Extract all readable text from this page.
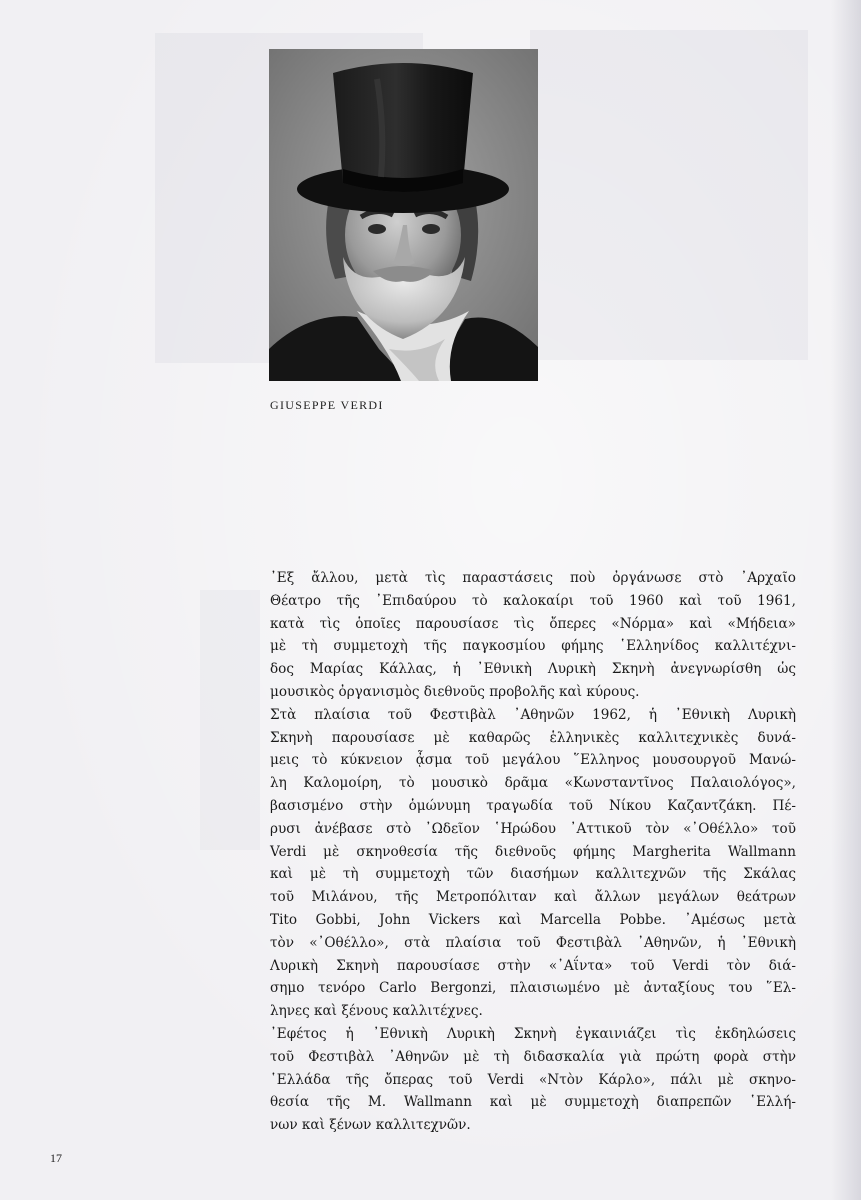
GIUSEPPE VERDI
᾿Εξ ἄλλου, μετὰ τὶς παραστάσεις ποὺ ὀργάνωσε στὸ ᾿Αρχαῖο
Θέατρο τῆς ᾿Επιδαύρου τὸ καλοκαίρι τοῦ 1960 καὶ τοῦ 1961,
κατὰ τὶς ὁποῖες παρουσίασε τὶς ὄπερες «Νόρμα» καὶ «Μήδεια»
μὲ τὴ συμμετοχὴ τῆς παγκοσμίου φήμης ῾Ελληνίδος καλλιτέχνι-
δος Μαρίας Κάλλας, ἡ ᾿Εθνικὴ Λυρικὴ Σκηνὴ ἀνεγνωρίσθη ὡς
μουσικὸς ὀργανισμὸς διεθνοῦς προβολῆς καὶ κύρους.
Στὰ πλαίσια τοῦ Φεστιβὰλ ᾿Αθηνῶν 1962, ἡ ᾿Εθνικὴ Λυρικὴ
Σκηνὴ παρουσίασε μὲ καθαρῶς ἑλληνικὲς καλλιτεχνικὲς δυνά-
μεις τὸ κύκνειον ᾆσμα τοῦ μεγάλου ῞Ελληνος μουσουργοῦ Μανώ-
λη Καλομοίρη, τὸ μουσικὸ δρᾶμα «Κωνσταντῖνος Παλαιολόγος»,
βασισμένο στὴν ὁμώνυμη τραγωδία τοῦ Νίκου Καζαντζάκη. Πέ-
ρυσι ἀνέβασε στὸ ᾿Ωδεῖον ῾Ηρώδου ᾿Αττικοῦ τὸν «᾿Οθέλλο» τοῦ
Verdi μὲ σκηνοθεσία τῆς διεθνοῦς φήμης Margherita Wallmann
καὶ μὲ τὴ συμμετοχὴ τῶν διασήμων καλλιτεχνῶν τῆς Σκάλας
τοῦ Μιλάνου, τῆς Μετροπόλιταν καὶ ἄλλων μεγάλων θεάτρων
Tito Gobbi, John Vickers καὶ Marcella Pobbe. ᾿Αμέσως μετὰ
τὸν «᾿Οθέλλο», στὰ πλαίσια τοῦ Φεστιβὰλ ᾿Αθηνῶν, ἡ ᾿Εθνικὴ
Λυρικὴ Σκηνὴ παρουσίασε στὴν «᾿Αΐντα» τοῦ Verdi τὸν διά-
σημο τενόρο Carlo Bergonzi, πλαισιωμένο μὲ ἀνταξίους του ῞Ελ-
ληνες καὶ ξένους καλλιτέχνες.
᾿Εφέτος ἡ ᾿Εθνικὴ Λυρικὴ Σκηνὴ ἐγκαινιάζει τὶς ἐκδηλώσεις
τοῦ Φεστιβὰλ ᾿Αθηνῶν μὲ τὴ διδασκαλία γιὰ πρώτη φορὰ στὴν
῾Ελλάδα τῆς ὄπερας τοῦ Verdi «Ντὸν Κάρλο», πάλι μὲ σκηνο-
θεσία τῆς M. Wallmann καὶ μὲ συμμετοχὴ διαπρεπῶν ῾Ελλή-
νων καὶ ξένων καλλιτεχνῶν.
17
